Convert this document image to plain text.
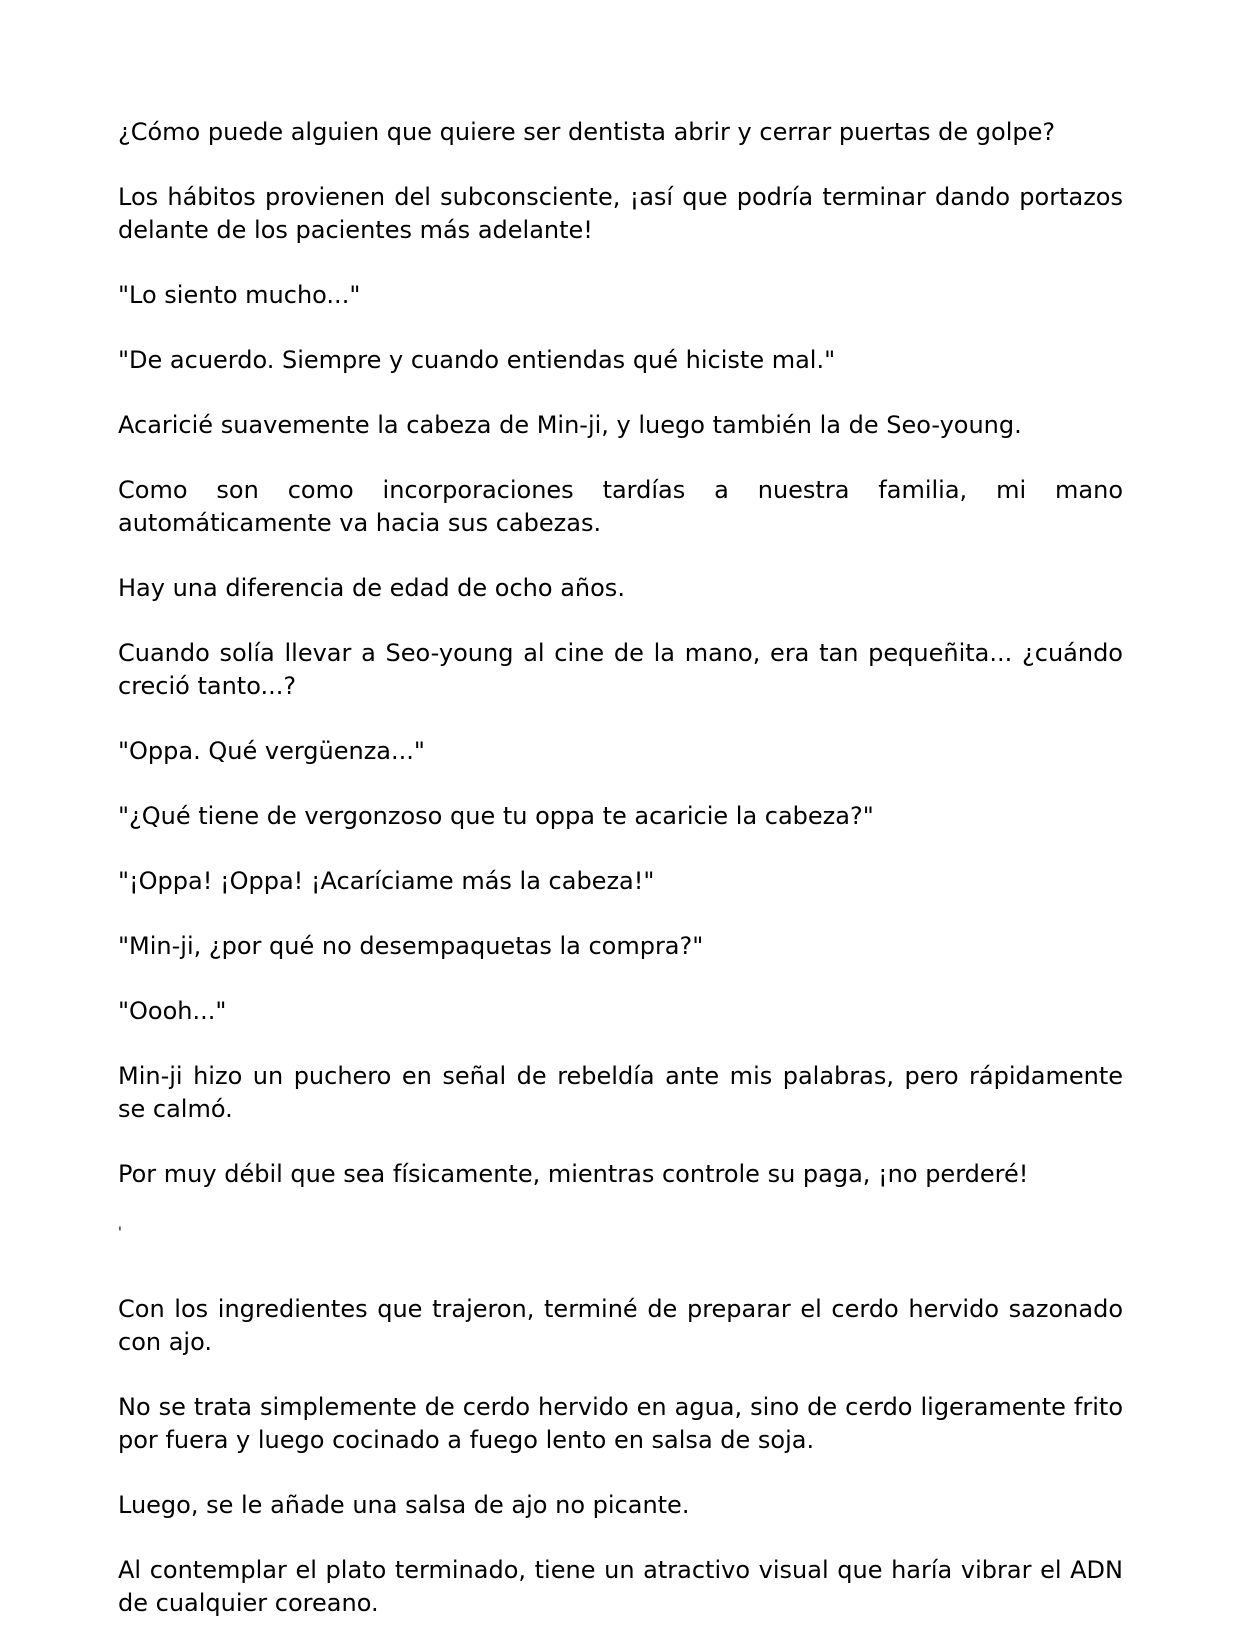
¿Cómo puede alguien que quiere ser dentista abrir y cerrar puertas de golpe?

Los hábitos provienen del subconsciente, ¡así que podría terminar dando portazos delante de los pacientes más adelante!

"Lo siento mucho..."

"De acuerdo. Siempre y cuando entiendas qué hiciste mal."

Acaricié suavemente la cabeza de Min-ji, y luego también la de Seo-young.

Como son como incorporaciones tardías a nuestra familia, mi mano automáticamente va hacia sus cabezas.

Hay una diferencia de edad de ocho años.

Cuando solía llevar a Seo-young al cine de la mano, era tan pequeñita... ¿cuándo creció tanto...?

"Oppa. Qué vergüenza..."

"¿Qué tiene de vergonzoso que tu oppa te acaricie la cabeza?"

"¡Oppa! ¡Oppa! ¡Acaríciame más la cabeza!"

"Min-ji, ¿por qué no desempaquetas la compra?"

"Oooh..."

Min-ji hizo un puchero en señal de rebeldía ante mis palabras, pero rápidamente se calmó.

Por muy débil que sea físicamente, mientras controle su paga, ¡no perderé!

'

Con los ingredientes que trajeron, terminé de preparar el cerdo hervido sazonado con ajo.

No se trata simplemente de cerdo hervido en agua, sino de cerdo ligeramente frito por fuera y luego cocinado a fuego lento en salsa de soja.

Luego, se le añade una salsa de ajo no picante.

Al contemplar el plato terminado, tiene un atractivo visual que haría vibrar el ADN de cualquier coreano.
